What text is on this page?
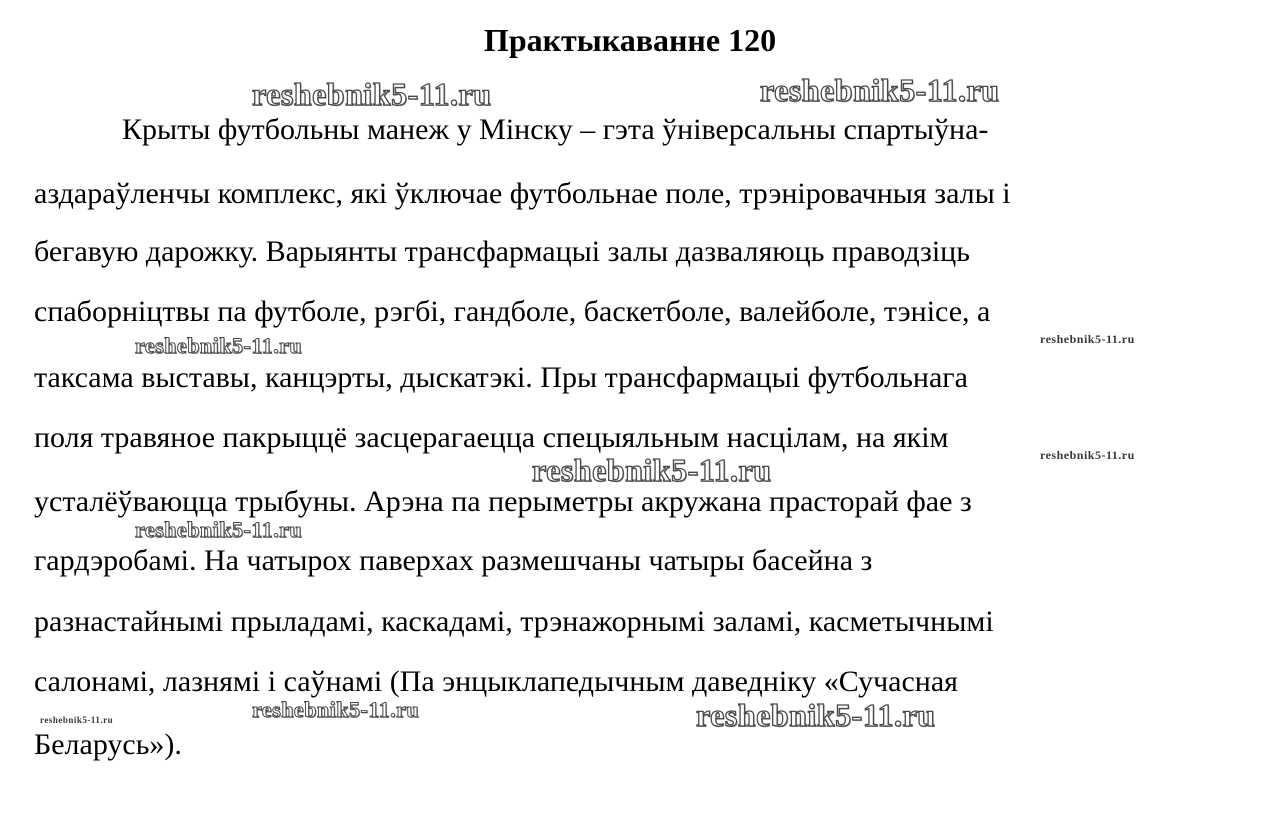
Практыкаванне 120
Крыты футбольны манеж у Мінску – гэта ўніверсальны спартыўна-
аздараўленчы комплекс, які ўключае футбольнае поле, трэніровачныя залы і
бегавую дарожку. Варыянты трансфармацыі залы дазваляюць праводзіць
спаборніцтвы па футболе, рэгбі, гандболе, баскетболе, валейболе, тэнісе, а
таксама выставы, канцэрты, дыскатэкі. Пры трансфармацыі футбольнага
поля травяное пакрыццё засцерагаецца спецыяльным насцілам, на якім
усталёўваюцца трыбуны. Арэна па перыметры акружана прасторай фае з
гардэробамі. На чатырох паверхах размешчаны чатыры басейна з
разнастайнымі прыладамі, каскадамі, трэнажорнымі заламі, касметычнымі
салонамі, лазнямі і саўнамі (Па энцыклапедычным даведніку «Сучасная
Беларусь»).
reshebnik5-11.ru	reshebnik5-11.ru
reshebnik5-11.ru	reshebnik5-11.ru
reshebnik5-11.ru
reshebnik5-11.ru
reshebnik5-11.ru
reshebnik5-11.ru	reshebnik5-11.ru	reshebnik5-11.ru
